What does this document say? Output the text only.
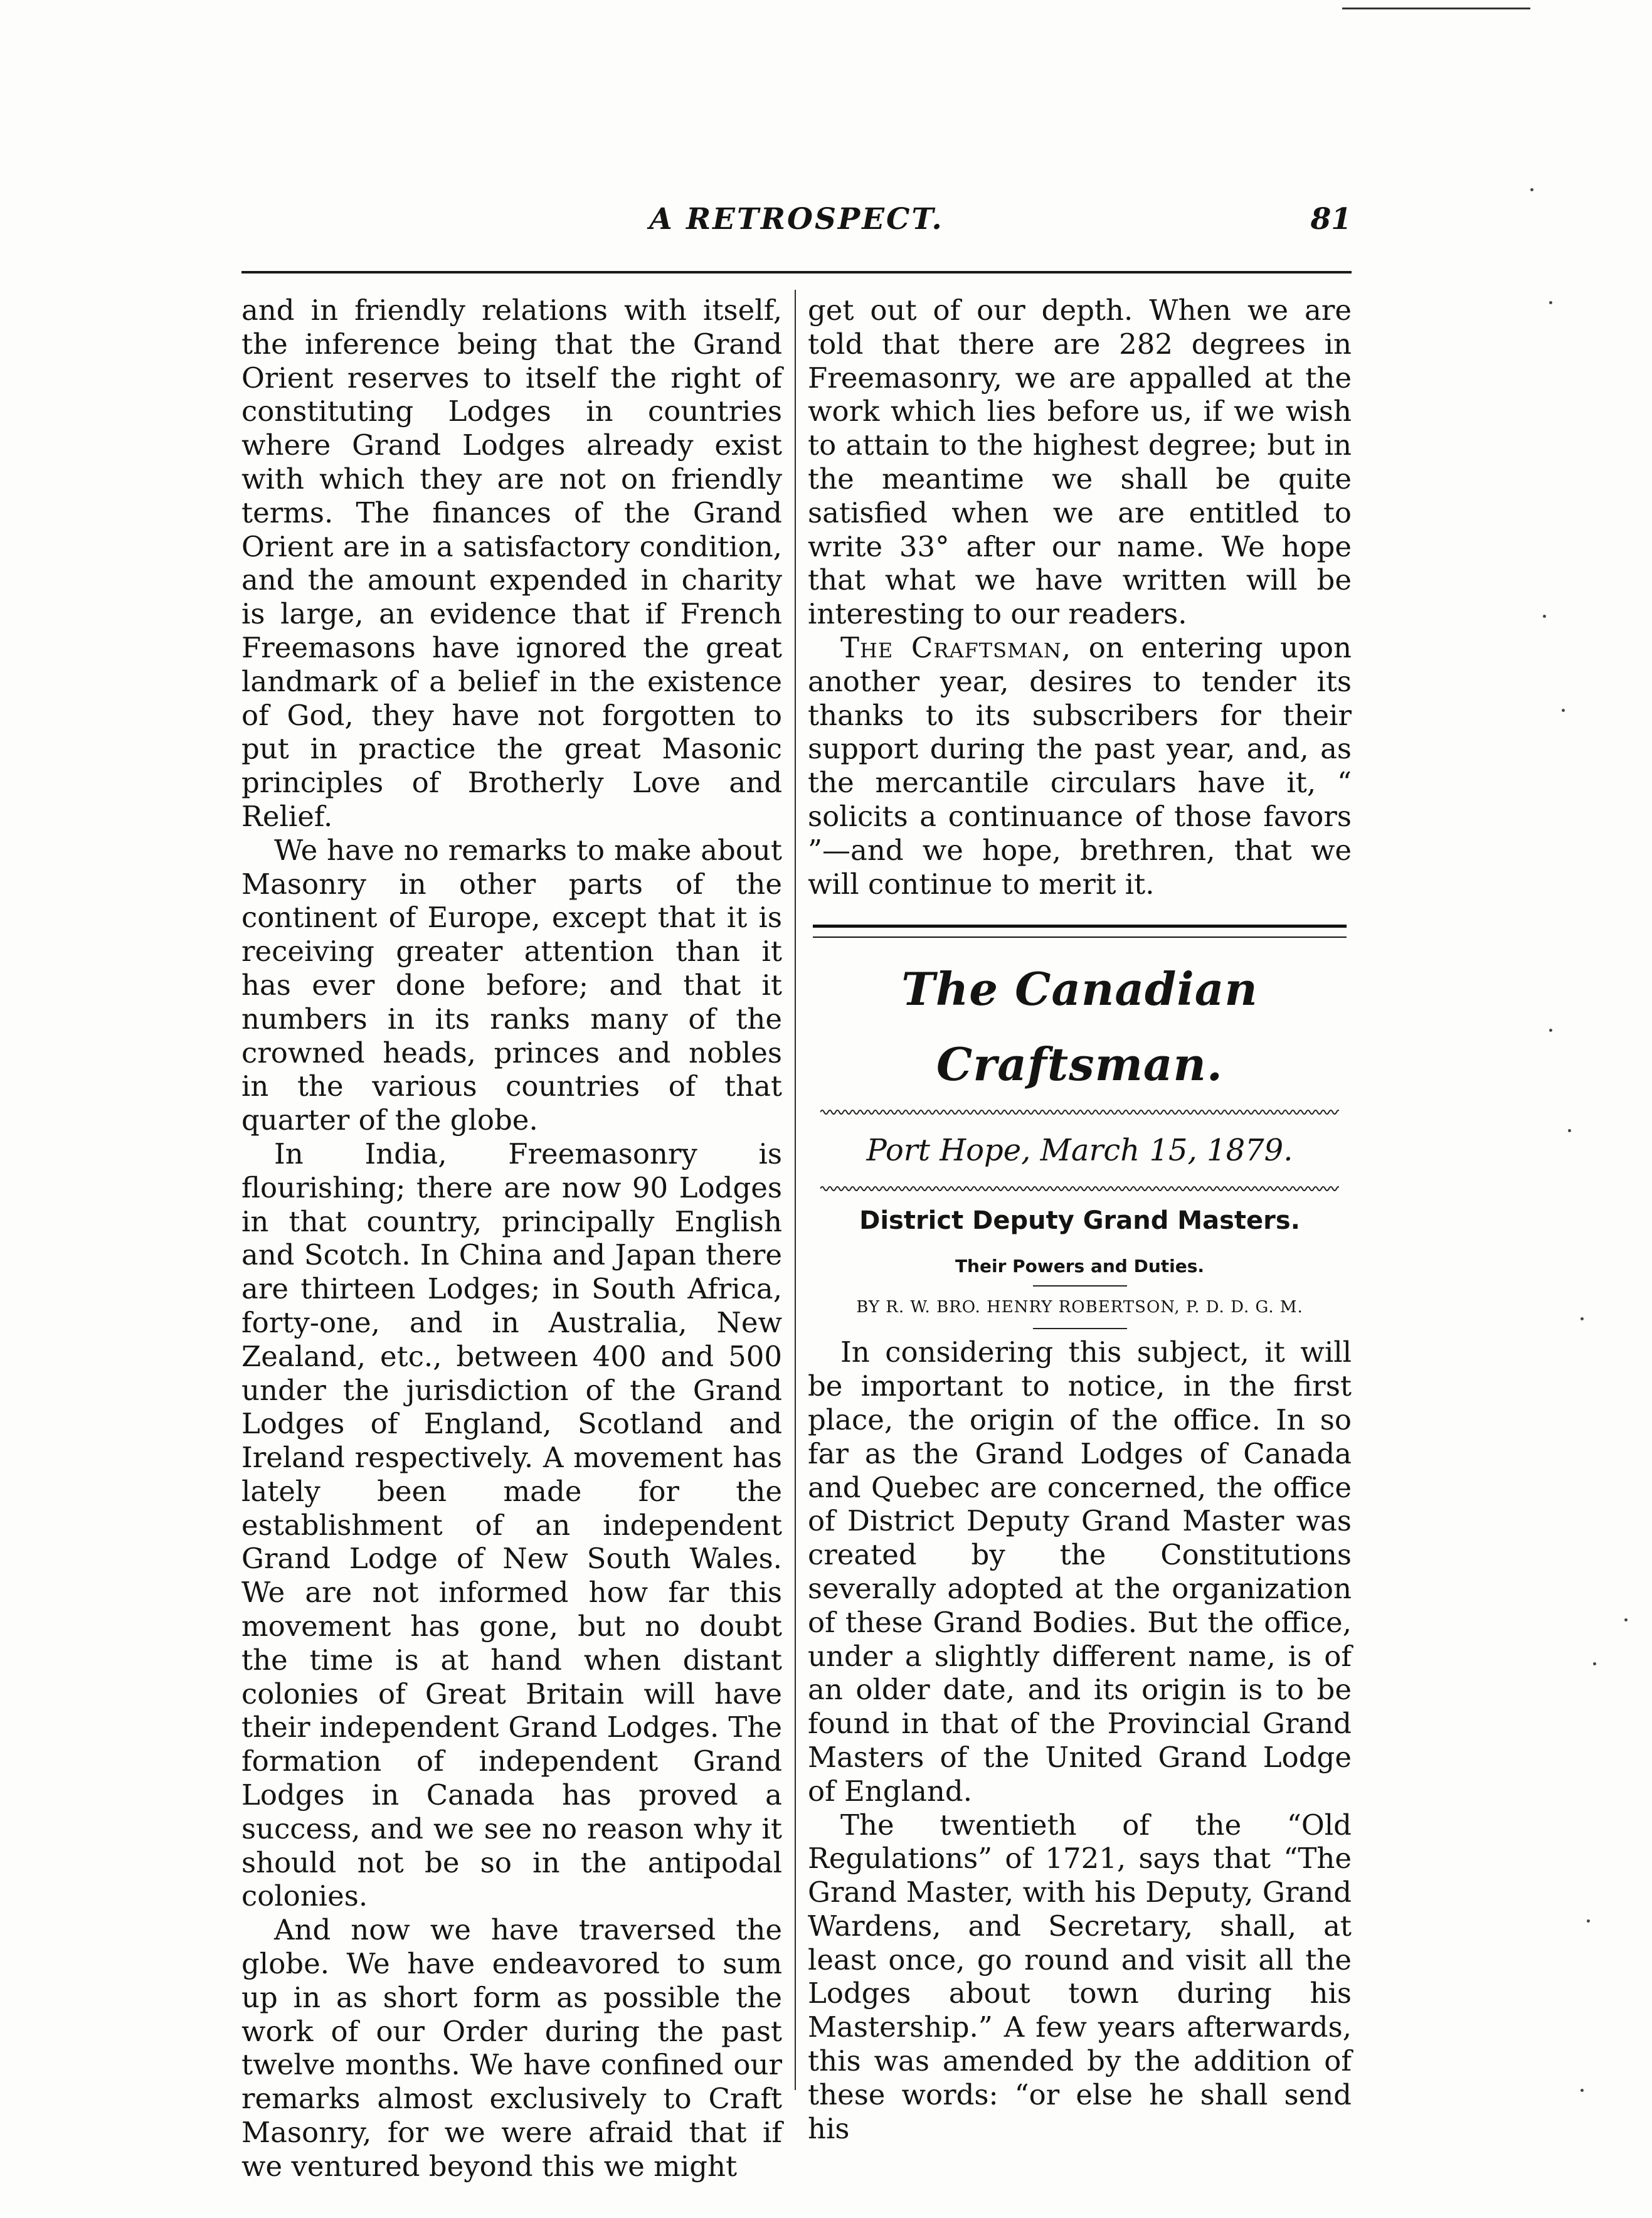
A RETROSPECT.	81

and in friendly relations with itself, the inference being that the Grand Orient reserves to itself the right of constituting Lodges in countries where Grand Lodges already exist with which they are not on friendly terms. The finances of the Grand Orient are in a satisfactory condition, and the amount expended in charity is large, an evidence that if French Freemasons have ignored the great landmark of a belief in the existence of God, they have not forgotten to put in practice the great Masonic principles of Brotherly Love and Relief.

We have no remarks to make about Masonry in other parts of the continent of Europe, except that it is receiving greater attention than it has ever done before; and that it numbers in its ranks many of the crowned heads, princes and nobles in the various countries of that quarter of the globe.

In India, Freemasonry is flourishing; there are now 90 Lodges in that country, principally English and Scotch. In China and Japan there are thirteen Lodges; in South Africa, forty-one, and in Australia, New Zealand, etc., between 400 and 500 under the jurisdiction of the Grand Lodges of England, Scotland and Ireland respectively. A movement has lately been made for the establishment of an independent Grand Lodge of New South Wales. We are not informed how far this movement has gone, but no doubt the time is at hand when distant colonies of Great Britain will have their independent Grand Lodges. The formation of independent Grand Lodges in Canada has proved a success, and we see no reason why it should not be so in the antipodal colonies.

And now we have traversed the globe. We have endeavored to sum up in as short form as possible the work of our Order during the past twelve months. We have confined our remarks almost exclusively to Craft Masonry, for we were afraid that if we ventured beyond this we might

get out of our depth. When we are told that there are 282 degrees in Freemasonry, we are appalled at the work which lies before us, if we wish to attain to the highest degree; but in the meantime we shall be quite satisfied when we are entitled to write 33° after our name. We hope that what we have written will be interesting to our readers.

The Craftsman, on entering upon another year, desires to tender its thanks to its subscribers for their support during the past year, and, as the mercantile circulars have it, “ solicits a continuance of those favors ”—and we hope, brethren, that we will continue to merit it.

The Canadian Craftsman.
Port Hope, March 15, 1879.
District Deputy Grand Masters.
Their Powers and Duties.
BY R. W. BRO. HENRY ROBERTSON, P. D. D. G. M.

In considering this subject, it will be important to notice, in the first place, the origin of the office. In so far as the Grand Lodges of Canada and Quebec are concerned, the office of District Deputy Grand Master was created by the Constitutions severally adopted at the organization of these Grand Bodies. But the office, under a slightly different name, is of an older date, and its origin is to be found in that of the Provincial Grand Masters of the United Grand Lodge of England.

The twentieth of the “Old Regulations” of 1721, says that “The Grand Master, with his Deputy, Grand Wardens, and Secretary, shall, at least once, go round and visit all the Lodges about town during his Mastership.” A few years afterwards, this was amended by the addition of these words: “or else he shall send his
